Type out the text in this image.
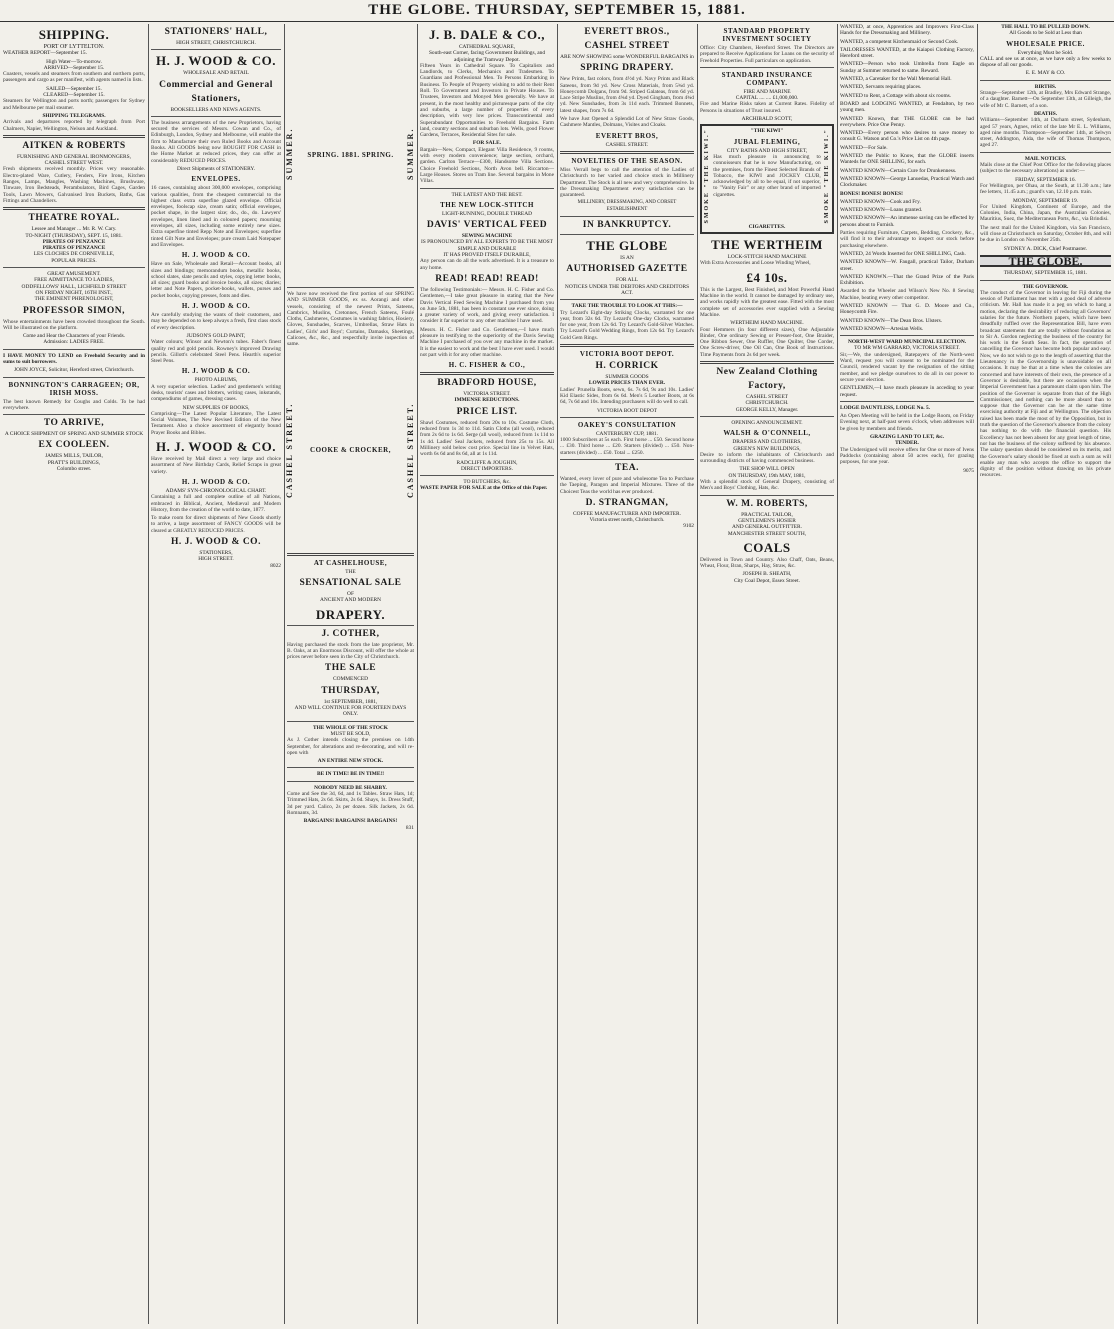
THE GLOBE. THURSDAY, SEPTEMBER 15, 1881.
SHIPPING.
PORT OF LYTTELTON.

WEATHER REPORT—September 15.

High Water—To-morrow.
ARRIVED—September 15.

Coasters, vessels and steamers from southern and northern ports, passengers and cargo as per manifest, with agents named in lists.

SAILED—September 15.
CLEARED—September 15.

Steamers for Wellington and ports north; passengers for Sydney and Melbourne per mail steamer.

SHIPPING TELEGRAMS.

Arrivals and departures reported by telegraph from Port Chalmers, Napier, Wellington, Nelson and Auckland.

AITKEN & ROBERTS
FURNISHING AND GENERAL IRONMONGERS,
CASHEL STREET WEST.

Fresh shipments received monthly. Prices very reasonable. Electro-plated Ware, Cutlery, Fenders, Fire Irons, Kitchen Ranges, Lamps, Mangles, Washing Machines, Brushware, Tinware, Iron Bedsteads, Perambulators, Bird Cages, Garden Tools, Lawn Mowers, Galvanised Iron Buckets, Baths, Gas Fittings and Chandeliers.

THEATRE ROYAL.
Lessee and Manager ... Mr. R. W. Cary.
TO-NIGHT (THURSDAY), SEPT. 15, 1881.
PIRATES OF PENZANCE
PIRATES OF PENZANCE
LES CLOCHES DE CORNEVILLE,
POPULAR PRICES.
GREAT AMUSEMENT.
FREE ADMITTANCE TO LADIES,
ODDFELLOWS' HALL, LICHFIELD STREET
ON FRIDAY NIGHT, 16TH INST.,
THE EMINENT PHRENOLOGIST,
PROFESSOR SIMON,

Whose entertainments have been crowded throughout the South. Will be illustrated on the platform.

Come and Hear the Characters of your Friends.
Admission: LADIES FREE.

I HAVE MONEY TO LEND on Freehold Security and in sums to suit borrowers.

JOHN JOYCE, Solicitor, Hereford street, Christchurch.
BONNINGTON'S CARRAGEEN; OR, IRISH MOSS.

The best known Remedy for Coughs and Colds. To be had everywhere.

TO ARRIVE,
A CHOICE SHIPMENT OF SPRING AND SUMMER STOCK
EX COOLEEN.
JAMES MILLS, TAILOR,
PRATT'S BUILDINGS,
Colombo street.
STATIONERS' HALL,
HIGH STREET, CHRISTCHURCH.
H. J. WOOD & CO.
WHOLESALE AND RETAIL
Commercial and General
Stationers,
BOOKSELLERS AND NEWS AGENTS.

The business arrangements of the new Proprietors, having secured the services of Messrs. Cowan and Co., of Edinburgh, London, Sydney and Melbourne, will enable the firm to Manufacture their own Ruled Books and Account Books. All GOODS being now BOUGHT FOR CASH in the Home Market at reduced prices, they can offer at considerably REDUCED PRICES.

Direct Shipments of STATIONERY.
ENVELOPES.

16 cases, containing about 300,000 envelopes, comprising various qualities, from the cheapest commercial to the highest class extra superfine glazed envelope. Official envelopes, foolscap size, cream satin; official envelopes, pocket shape, in the largest size; do., do., do. Lawyers' envelopes, linen lined and in coloured papers; mourning envelopes, all sizes, including some entirely new sizes. Extra superfine tinted Repp Note and Envelopes; superfine tinted Gilt Note and Envelopes; pure cream Laid Notepaper and Envelopes.

H. J. WOOD & CO.

Have on Sale, Wholesale and Retail—Account books, all sizes and bindings; memorandum books, metallic books, school slates, slate pencils and styles, copying letter books, all sizes; guard books and invoice books, all sizes; diaries; letter and Note Papers, pocket-books, wallets, purses and pocket books, copying presses, fonts and dies.

H. J. WOOD & CO.

Are carefully studying the wants of their customers, and may be depended on to keep always a fresh, first class stock of every description.

JUDSON'S GOLD PAINT,

Water colours; Winsor and Newton's tubes. Faber's finest quality red and gold pencils. Rowney's improved Drawing pencils. Gillott's celebrated Steel Pens. Hearth's superior Steel Pens.

H. J. WOOD & CO.
PHOTO ALBUMS,

A very superior selection. Ladies' and gentlemen's writing desks, tourists' cases and blotters, writing cases, inkstands, compendiums of games, dressing cases.

NEW SUPPLIES OF BOOKS,

Comprising—The Latest Popular Literature, The Latest Social Volumes, The New Revised Edition of the New Testament. Also a choice assortment of elegantly bound Prayer Books and Bibles.

H. J. WOOD & CO.

Have received by Mail direct a very large and choice assortment of New Birthday Cards, Relief Scraps in great variety.

H. J. WOOD & CO.
ADAMS' SYN-CHRONOLOGICAL CHART.

Containing a full and complete outline of all Nations, embraced in Biblical, Ancient, Mediæval and Modern History, from the creation of the world to date, 1877.

To make room for direct shipments of New Goods shortly to arrive, a large assortment of FANCY GOODS will be cleared at GREATLY REDUCED PRICES.

H. J. WOOD & CO.
STATIONERS,
HIGH STREET.
8022
SUMMER. SPRING. 1881. SPRING. SUMMER.

We have now received the first portion of our SPRING AND SUMMER GOODS, ex ss. Aorangi and other vessels, consisting of the newest Prints, Sateens, Cambrics, Muslins, Cretonnes, French Sateens, Foulé Cloths, Cashmeres, Costumes in washing fabrics, Hosiery, Gloves, Sunshades, Scarves, Umbrellas, Straw Hats in Ladies', Girls' and Boys'; Curtains, Damasks, Sheetings, Calicoes, &c., &c., and respectfully invite inspection of same.

CASHEL STREET. COOKE & CROCKER, CASHEL STREET.
AT CASHELHOUSE,
THE
SENSATIONAL SALE
OF
ANCIENT AND MODERN
DRAPERY.
J. COTHER,

Having purchased the stock from the late proprietor, Mr. B. Oaks, at an Enormous Discount, will offer the whole at prices never before seen in the City of Christchurch.

THE SALE
COMMENCED
THURSDAY,
1st SEPTEMBER, 1881,
AND WILL CONTINUE FOR FOURTEEN DAYS ONLY.
THE WHOLE OF THE STOCK
MUST BE SOLD,

As J. Cother intends closing the premises on 14th September, for alterations and re-decorating, and will re-open with

AN ENTIRE NEW STOCK.
BE IN TIME! BE IN TIME!!
NOBODY NEED BE SHABBY.

Come and See the 3d, 6d, and 1s Tables. Straw Hats, 1d; Trimmed Hats, 2s 6d. Skirts, 2s 6d. Shays, 1s. Dress Stuff, 3d per yard. Calico, 2s per dozen. Silk Jackets, 2s 6d. Romnants, 3d.

BARGAINS! BARGAINS! BARGAINS!
831
J. B. DALE & CO.,
CATHEDRAL SQUARE,
South-east Corner, facing Government Buildings, and adjoining the Tramway Depot.

Fifteen Years in Cathedral Square. To Capitalists and Landlords, to Clerks, Mechanics and Tradesmen. To Guardians and Professional Men. To Persons Embarking in Business. To People of Property wishing to add to their Rent Roll. To Government and Investors in Private Houses. To Trustees, Investors and Monyed Men generally. We have at present, in the most healthy and picturesque parts of the city and suburbs, a large number of properties of every description, with very low prices. Transcontinental and Superabundant Opportunities to Freehold Bargains. Farm land, country sections and suburban lots. Wells, good Flower Gardens, Terraces, Residential Sites for sale.

FOR SALE.

Bargain—New, Compact, Elegant Villa Residence, 9 rooms, with every modern convenience; large section, orchard, garden. Carlton Terrace—£300, Handsome Villa Sections. Choice Freehold Sections, North Avon bell. Riccarton—Large Houses. Stores on Tram line. Several bargains in Mone Villas.

THE LATEST AND THE BEST.
THE NEW LOCK-STITCH
LIGHT-RUNNING, DOUBLE THREAD
DAVIS' VERTICAL FEED
SEWING MACHINE
IS PRONOUNCED BY ALL EXPERTS TO BE THE MOST SIMPLE AND DURABLE
IT HAS PROVED ITSELF DURABLE,

Any person can do all the work advertised. It is a treasure to any home.

READ! READ! READ!

The following Testimonials:— Messrs. H. C. Fisher and Co. Gentlemen,—I take great pleasure in stating that the New Davis Vertical Feed Sewing Machine I purchased from you on June 5th, 1881, has been in constant use ever since, doing a greater variety of work, and giving every satisfaction. I consider it far superior to any other machine I have used.

Messrs. H. C. Fisher and Co. Gentlemen,—I have much pleasure in testifying to the superiority of the Davis Sewing Machine I purchased of you over any machine in the market. It is the easiest to work and the best I have ever used. I would not part with it for any other machine.

H. C. FISHER & CO.,
BRADFORD HOUSE,
VICTORIA STREET.
IMMENSE REDUCTIONS.
PRICE LIST.

Shawl Costumes, reduced from 20s to 10s. Costume Cloth, reduced from 1s 3d to 11d. Satin Cloths (all wool), reduced from 2s 6d to 1s 6d. Serge (all wool), reduced from 1s 11d to 1s 4d. Ladies' Seal Jackets, reduced from 25s to 15s. All Millinery sold below cost price. Special line in Velvet Hats, worth 6s 6d and 8s 6d, all at 1s 11d.

RADCLIFFE & JOUGHIN,
DIRECT IMPORTERS.
TO BUTCHERS, &c.

WASTE PAPER FOR SALE at the Office of this Paper.

EVERETT BROS.,
CASHEL STREET
ARE NOW SHOWING some WONDERFUL BARGAINS in
SPRING DRAPERY.

New Prints, fast colors, from 4½d yd. Navy Prints and Black Sateens, from 9d yd. New Cross Materials, from 5¾d yd. Honeycomb Dolgans, from 9d. Striped Galateas, from 6d yd. Lace Stripe Muslins, from 4¾d yd. Dyed Gingham, from 4¾d yd. New Sunshades, from 3s 11d each. Trimmed Bonnets, latest shapes, from 7s 6d.

We have Just Opened a Splendid Lot of New Straw Goods, Cashmere Mantles, Dolmans, Visites and Cloaks.

EVERETT BROS,
CASHEL STREET.
NOVELTIES OF THE SEASON.

Miss Verrall begs to call the attention of the Ladies of Christchurch to her varied and choice stock in Millinery Department. The Stock is all new and very comprehensive. In the Dressmaking Department every satisfaction can be guaranteed.

MILLINERY, DRESSMAKING, AND CORSET ESTABLISHMENT
IN BANKRUPTCY.
THE GLOBE
IS AN
AUTHORISED GAZETTE
FOR ALL
NOTICES UNDER THE DEBTORS AND CREDITORS ACT.
TAKE THE TROUBLE TO LOOK AT THIS:—

Try Lezard's Eight-day Striking Clocks, warranted for one year, from 32s 6d. Try Lezard's One-day Clocks, warranted for one year, from 12s 6d. Try Lezard's Gold-Silver Watches. Try Lezard's Gold Wedding Rings, from 12s 6d. Try Lezard's Gold Gem Rings.

VICTORIA BOOT DEPOT.
H. CORRICK
SUMMER GOODS
LOWER PRICES THAN EVER.

Ladies' Prunella Boots, sewn, 6s. 7s 6d, 9s and 10s. Ladies' Kid Elastic Sides, from 6s 6d. Men's 5 Leather Boots, at 6s 6d, 7s 6d and 10s. Intending purchasers will do well to call.

VICTORIA BOOT DEPOT
OAKEY'S CONSULTATION
CANTERBURY CUP, 1881.

1000 Subscribers at 5s each. First horse ... £50. Second horse ... £30. Third horse ... £20. Starters (divided) ... £50. Non-starters (divided) ... £50. Total ... £250.

TEA.

Wanted, every lover of pure and wholesome Tea to Purchase the Taeping, Paragon and Imperial Mixtures. Three of the Choicest Teas the world has ever produced.

D. STRANGMAN,
COFFEE MANUFACTURER AND IMPORTER.
Victoria street north, Christchurch.
9102
STANDARD PROPERTY INVESTMENT SOCIETY

Office: City Chambers, Hereford Street. The Directors are prepared to Receive Applications for Loans on the security of Freehold Properties. Full particulars on application.

STANDARD INSURANCE COMPANY.
FIRE AND MARINE
CAPITAL .... .... £1,000,000.

Fire and Marine Risks taken at Current Rates. Fidelity of Persons in situations of Trust insured.

ARCHIBALD SCOTT,
SMOKE "THE KIWI."	"THE KIWI"
JUBAL FLEMING,
CITY BATHS AND HIGH STREET,

Has much pleasure in announcing to connoisseurs that he is now Manufacturing, on the premises, from the Finest Selected Brands of Tobacco, the KIWI and JOCKEY CLUB, acknowledged by all to be equal, if not superior, to "Vanity Fair" or any other brand of imported cigarettes.	SMOKE "THE KIWI."
CIGARETTES.
THE WERTHEIM
LOCK-STITCH HAND MACHINE

With Extra Accessories and Loose Winding Wheel,

£4 10s.

This is the Largest, Best Finished, and Most Powerful Hand Machine in the world. It cannot be damaged by ordinary use, and works rapidly with the greatest ease. Fitted with the most complete set of accessories ever supplied with a Sewing Machine.

WERTHEIM HAND MACHINE.

Four Hemmers (in four different sizes), One Adjustable Binder, One ordinary Sewing or Presser-foot, One Braider, One Ribbon Sewer, One Ruffler, One Quilter, One Corder, One Screw-driver, One Oil Can, One Book of Instructions. Time Payments from 2s 6d per week.

New Zealand Clothing
Factory,
CASHEL STREET
CHRISTCHURCH.
GEORGE KELLY, Manager.
OPENING ANNOUNCEMENT.
WALSH & O'CONNELL,
DRAPERS AND CLOTHIERS,
GREEN'S NEW BUILDINGS,

Desire to inform the inhabitants of Christchurch and surrounding districts of having commenced business.

THE SHOP WILL OPEN
ON THURSDAY, 19th MAY, 1881,

With a splendid stock of General Drapery, consisting of Men's and Boys' Clothing, Hats, &c.

W. M. ROBERTS,
PRACTICAL TAILOR,
GENTLEMEN'S HOSIER
AND GENERAL OUTFITTER.
MANCHESTER STREET SOUTH,
COALS

Delivered in Town and Country. Also Chaff, Oats, Beans, Wheat, Flour, Bran, Sharps, Hay, Straw, &c.

JOSEPH B. SHEATH,
City Coal Depot, Essex Street.

WANTED, at once, Apprentices and Improvers First-Class Hands for the Dressmaking and Millinery.

WANTED, a competent Kitchenmaid or Second Cook.

TAILORESSES WANTED, at the Kaiapoi Clothing Factory, Hereford street.

WANTED—Person who took Umbrella from Eagle on Sunday at Summer returned to same. Reward.

WANTED, a Caretaker for the Wall Memorial Hall.

WANTED, Servants requiring places.

WANTED to Rent, a Cottage with about six rooms.

BOARD and LODGING WANTED, at Fendalton, by two young men.

WANTED Known, that THE GLOBE can be had everywhere. Price One Penny.

WANTED—Every person who desires to save money to consult G. Watson and Co.'s Price List on 4th page.

WANTED—For Sale.

WANTED the Public to Know, that the GLOBE inserts Wanteds for ONE SHILLING, for each.

WANTED KNOWN—Certain Cure for Drunkenness.

WANTED KNOWN—George Lanuedas, Practical Watch and Clockmaker.

BONES! BONES! BONES!

WANTED KNOWN—Cook and Fry.

WANTED KNOWN—Loans granted.

WANTED KNOWN—An immense saving can be effected by persons about to Furnish.

Parties requiring Furniture, Carpets, Bedding, Crockery, &c., will find it to their advantage to inspect our stock before purchasing elsewhere.

WANTED, 24 Words Inserted for ONE SHILLING, Cash.

WANTED KNOWN—W. Faugall, practical Tailor, Durham street.

WANTED KNOWN.—That the Grand Prize of the Paris Exhibition.

Awarded to the Wheeler and Wilson's New No. 8 Sewing Machine, beating every other competitor.

WANTED KNOWN — That G. D. Moore and Co., Honeycomb Fire.

WANTED KNOWN—The Dean Bros. Ulsters.

WANTED KNOWN—Artesian Wells.

NORTH-WEST WARD MUNICIPAL ELECTION.
TO MR WM GARRARD, VICTORIA STREET.

Sir,—We, the undersigned, Ratepayers of the North-west Ward, request you will consent to be nominated for the Council, rendered vacant by the resignation of the sitting member, and we pledge ourselves to do all in our power to secure your election.

GENTLEMEN,—I have much pleasure in acceding to your request.

LODGE DAUNTLESS, LODGE No. 5.

An Open Meeting will be held in the Lodge Room, on Friday Evening next, at half-past seven o'clock, when addresses will be given by members and friends.

GRAZING LAND TO LET, &c.
TENDER.

The Undersigned will receive offers for One or more of Ivens Paddocks (containing about 50 acres each), for grazing purposes, for one year.

9075
THE HALL TO BE PULLED DOWN.
All Goods to be Sold at Less than
WHOLESALE PRICE.
Everything Must be Sold.

CALL and see us at once, as we have only a few weeks to dispose of all our goods.

E. E. MAY & CO.
BIRTHS.

Strange—September 12th, at Bradley, Mrs Edward Strange, of a daughter. Barnett—On September 13th, at Gilleigh, the wife of Mr C. Barnett, of a son.

DEATHS.

Williams—September 14th, at Durham street, Sydenham, aged 57 years, Agnes, relict of the late Mr E. L. Williams, aged nine months. Thompson—September 14th, at Selwyn street, Addington, Aida, the wife of Thomas Thompson, aged 27.

MAIL NOTICES.

Mails close at the Chief Post Office for the following places (subject to the necessary alterations) as under:—

FRIDAY, SEPTEMBER 16.

For Wellington, per Ohau, at the South, at 11.30 a.m.; late fee letters, 11.45 a.m.; guard's van, 12.10 p.m. train.

MONDAY, SEPTEMBER 19.

For United Kingdom, Continent of Europe, and the Colonies, India, China, Japan, the Australian Colonies, Mauritius, Suez, the Mediterranean Ports, &c., via Brindisi.

The next mail for the United Kingdom, via San Francisco, will close at Christchurch on Saturday, October 8th, and will be due in London on November 25th.

SYDNEY A. DICK, Chief Postmaster.
THE GLOBE.
THURSDAY, SEPTEMBER 15, 1881.
THE GOVERNOR.

The conduct of the Governor in leaving for Fiji during the session of Parliament has met with a good deal of adverse criticism. Mr. Hall has made it a peg on which to hang a motion, declaring the desirability of reducing all Governors' salaries for the future. Northern papers, which have been dreadfully ruffled over the Representation Bill, have even broadcast statements that are totally without foundation as to Sir A. Gordon neglecting the business of the country for his work in the South Seas. In fact, the operation of cancelling the Governor has become both popular and easy. Now, we do not wish to go to the length of asserting that the Lieutenancy in the Governorship is unavoidable on all occasions. It may be that at a time when the colonies are concerned and have interests of their own, the presence of a Governor is desirable, but there are occasions when the Imperial Government has a paramount claim upon him. The position of the Governor is separate from that of the High Commissioner, and nothing can be more absurd than to suppose that the Governor can be at the same time exercising authority at Fiji and at Wellington. The objection raised has been made the most of by the Opposition, but in truth the question of the Governor's absence from the colony has nothing to do with the financial question. His Excellency has not been absent for any great length of time, nor has the business of the colony suffered by his absence. The salary question should be considered on its merits, and the Governor's salary should be fixed at such a sum as will enable any man who accepts the office to support the dignity of the position without drawing on his private resources.
